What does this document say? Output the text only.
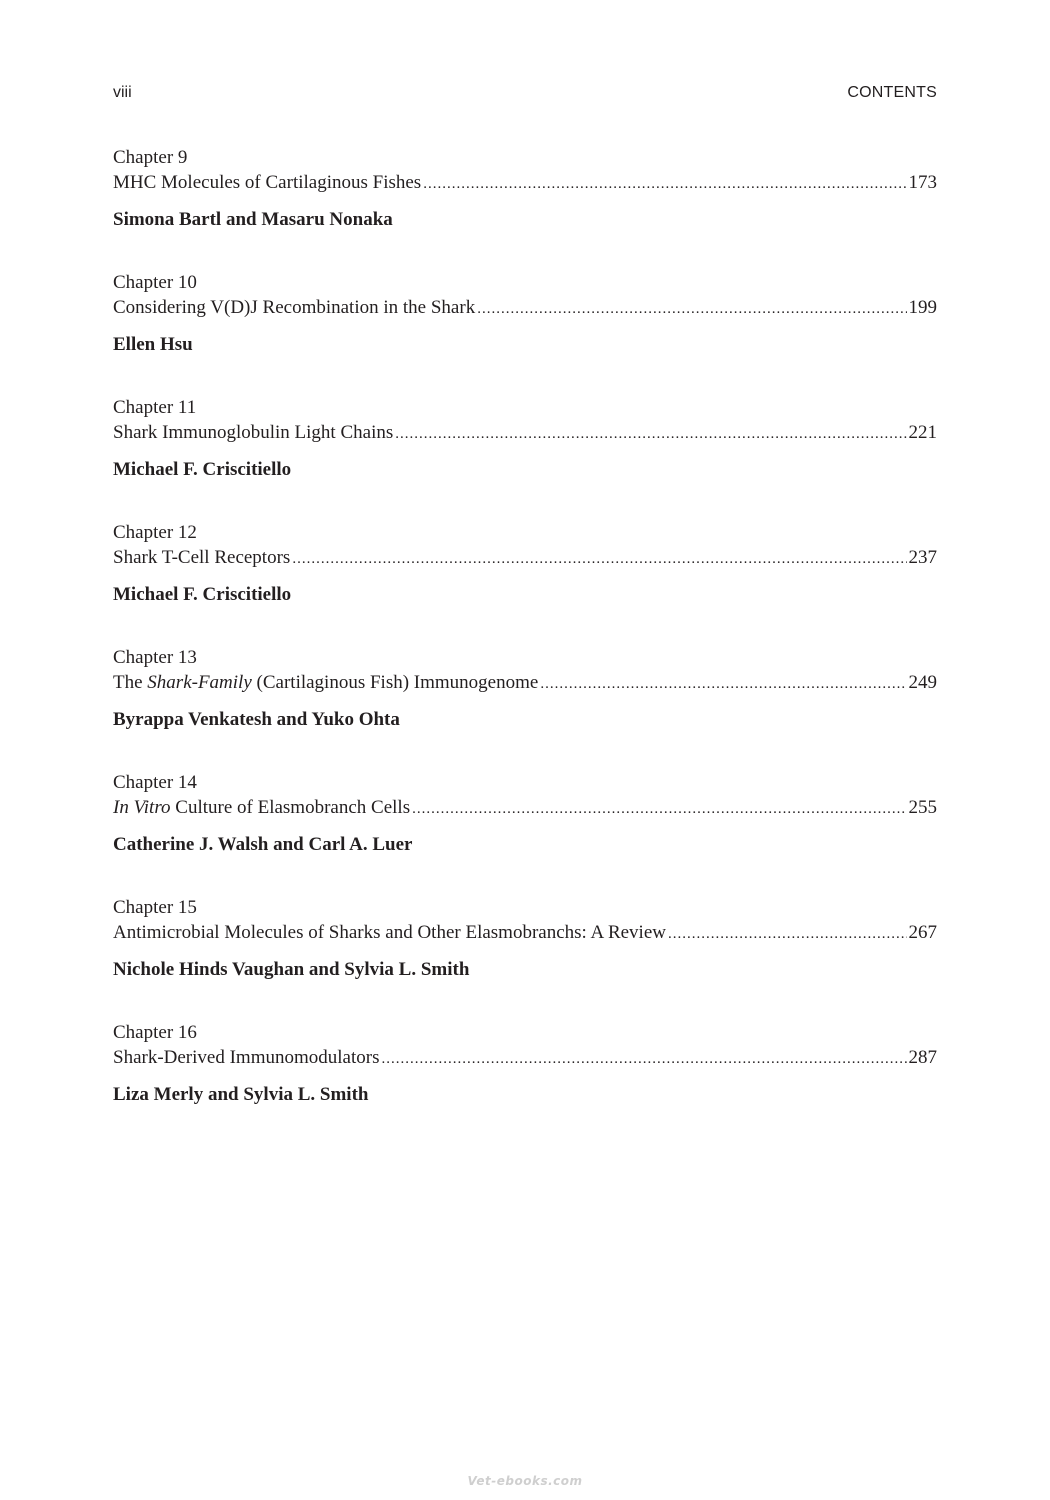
viii	CONTENTS
Chapter 9
MHC Molecules of Cartilaginous Fishes .....	173
Simona Bartl and Masaru Nonaka
Chapter 10
Considering V(D)J Recombination in the Shark .....	199
Ellen Hsu
Chapter 11
Shark Immunoglobulin Light Chains .....	221
Michael F. Criscitiello
Chapter 12
Shark T-Cell Receptors .....	237
Michael F. Criscitiello
Chapter 13
The Shark-Family (Cartilaginous Fish) Immunogenome .....	249
Byrappa Venkatesh and Yuko Ohta
Chapter 14
In Vitro Culture of Elasmobranch Cells .....	255
Catherine J. Walsh and Carl A. Luer
Chapter 15
Antimicrobial Molecules of Sharks and Other Elasmobranchs: A Review .....	267
Nichole Hinds Vaughan and Sylvia L. Smith
Chapter 16
Shark-Derived Immunomodulators .....	287
Liza Merly and Sylvia L. Smith
Vet-ebooks.com
